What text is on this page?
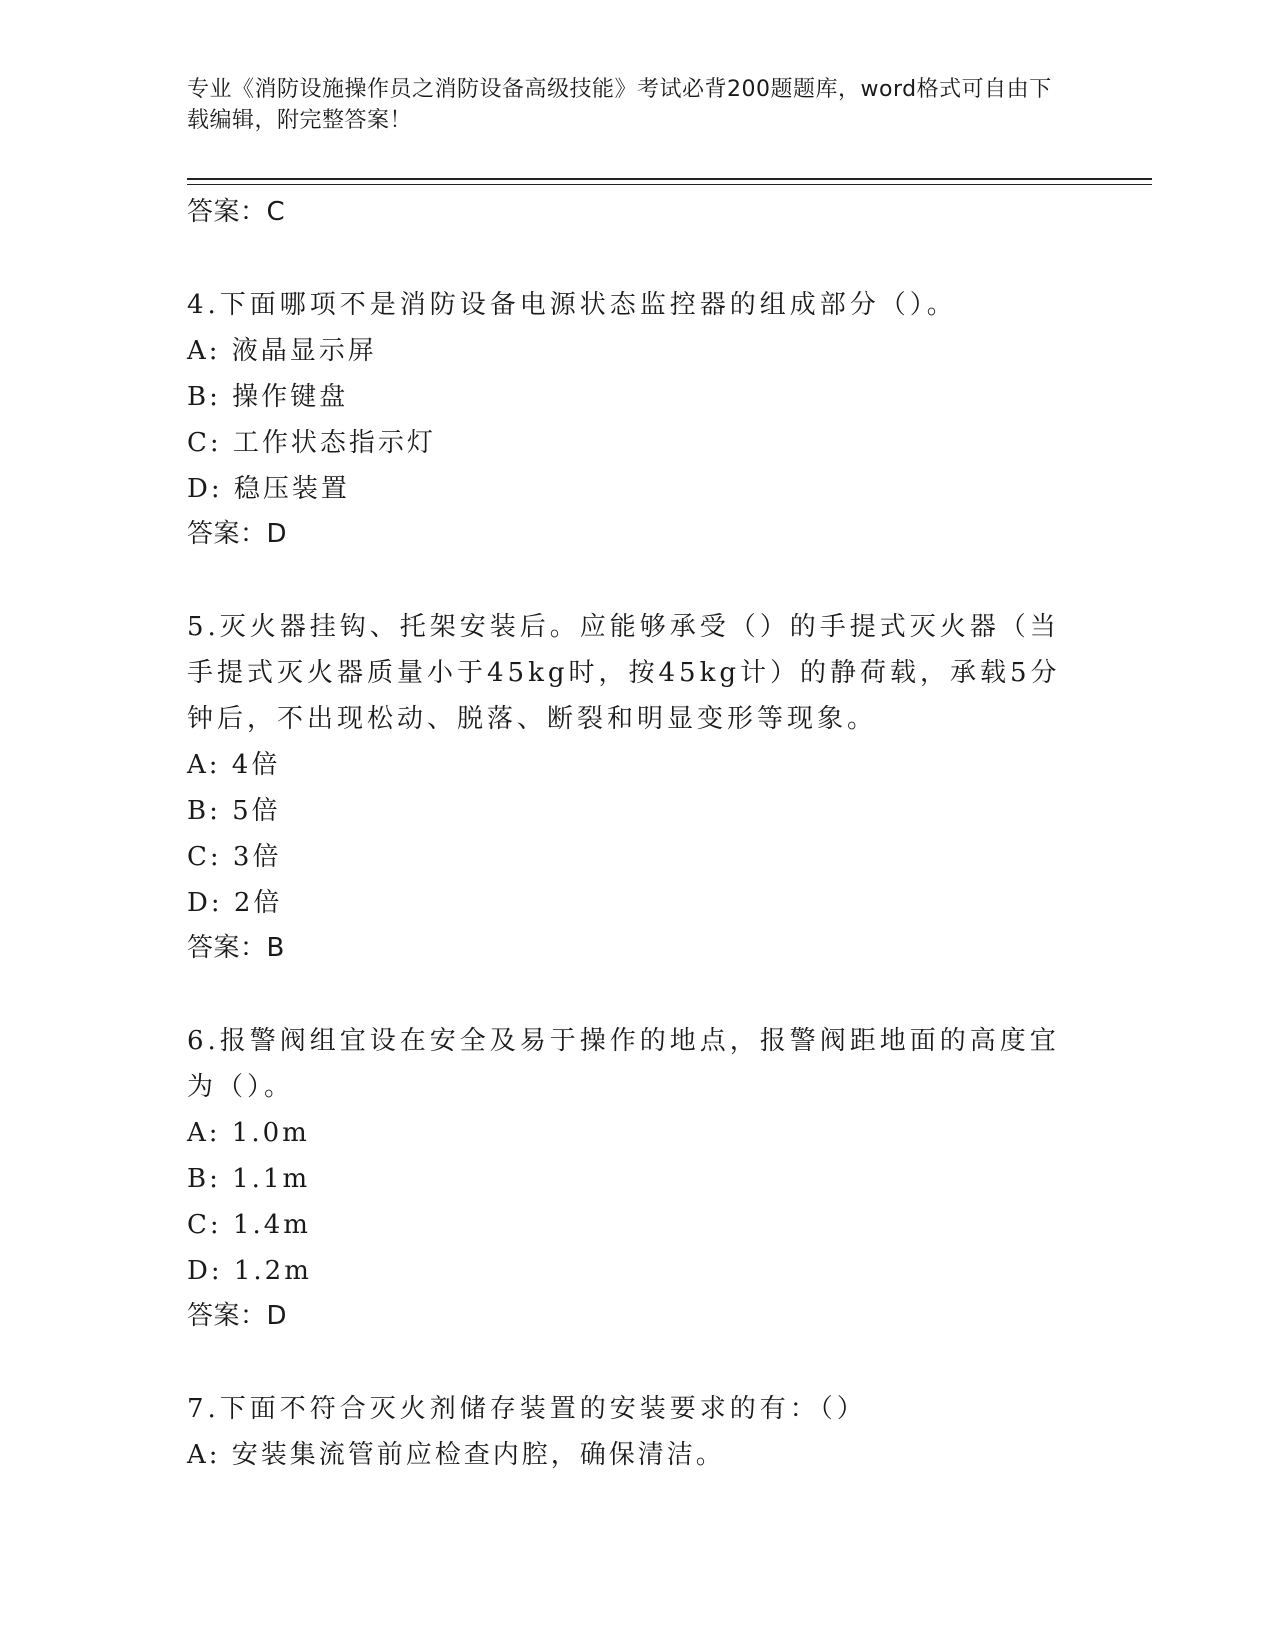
专业《消防设施操作员之消防设备高级技能》考试必背200题题库，word格式可自由下载编辑，附完整答案！

答案：C

4.下面哪项不是消防设备电源状态监控器的组成部分（）。

A: 液晶显示屏

B: 操作键盘

C: 工作状态指示灯

D: 稳压装置

答案：D

5.灭火器挂钩、托架安装后。应能够承受（）的手提式灭火器（当手提式灭火器质量小于45kg时，按45kg计）的静荷载，承载5分钟后，不出现松动、脱落、断裂和明显变形等现象。

A: 4倍

B: 5倍

C: 3倍

D: 2倍

答案：B

6.报警阀组宜设在安全及易于操作的地点，报警阀距地面的高度宜为（）。

A: 1.0m

B: 1.1m

C: 1.4m

D: 1.2m

答案：D

7.下面不符合灭火剂储存装置的安装要求的有：（）

A: 安装集流管前应检查内腔，确保清洁。
